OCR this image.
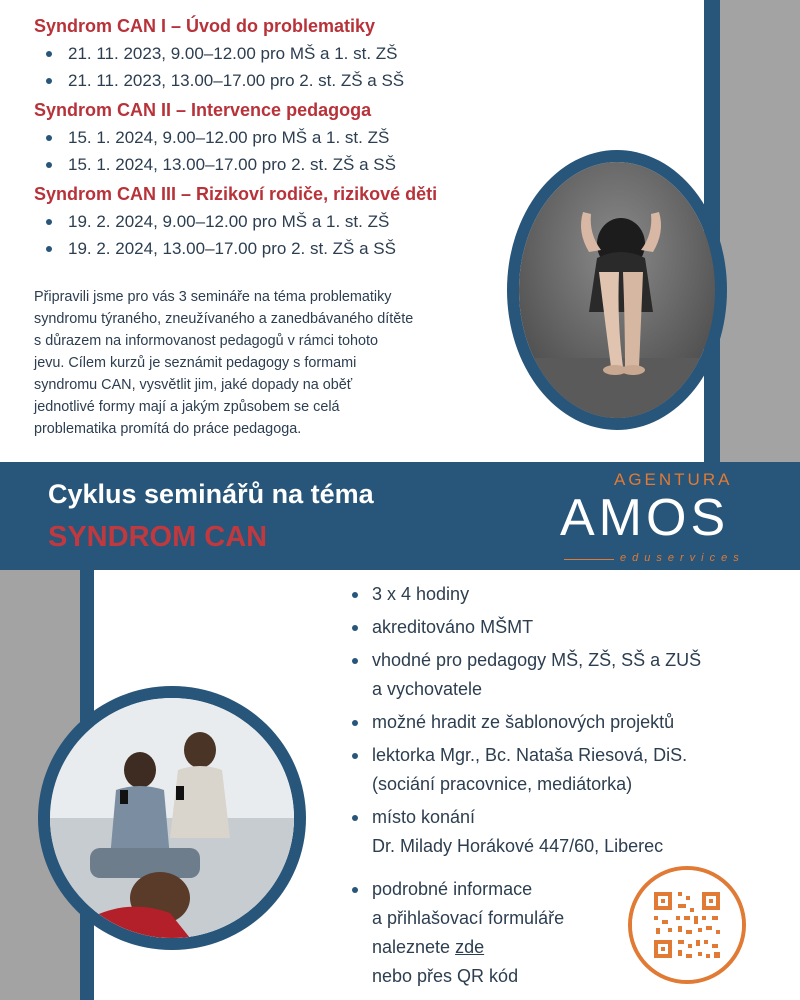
Syndrom CAN I – Úvod do problematiky
21. 11. 2023, 9.00–12.00 pro MŠ a 1. st. ZŠ
21. 11. 2023, 13.00–17.00 pro 2. st. ZŠ a SŠ
Syndrom CAN II – Intervence pedagoga
15. 1. 2024, 9.00–12.00 pro MŠ a 1. st. ZŠ
15. 1. 2024, 13.00–17.00 pro 2. st. ZŠ a SŠ
Syndrom CAN III – Rizikoví rodiče, rizikové děti
19. 2. 2024, 9.00–12.00 pro MŠ a 1. st. ZŠ
19. 2. 2024, 13.00–17.00 pro 2. st. ZŠ a SŠ

Připravili jsme pro vás 3 semináře na téma problematiky
syndromu týraného, zneužívaného a zanedbávaného dítěte
s důrazem na informovanost pedagogů v rámci tohoto
jevu. Cílem kurzů je seznámit pedagogy s formami
syndromu CAN, vysvětlit jim, jaké dopady na oběť
jednotlivé formy mají a jakým způsobem se celá
problematika promítá do práce pedagoga.

Cyklus seminářů na téma
SYNDROM CAN
AGENTURA
AMOS
eduservices
3 x 4 hodiny
akreditováno MŠMT
vhodné pro pedagogy MŠ, ZŠ, SŠ a ZUŠ
a vychovatele
možné hradit ze šablonových projektů
lektorka Mgr., Bc. Nataša Riesová, DiS.
(sociání pracovnice, mediátorka)
místo konání
Dr. Milady Horákové 447/60, Liberec
podrobné informace
a přihlašovací formuláře
naleznete zde
nebo přes QR kód
